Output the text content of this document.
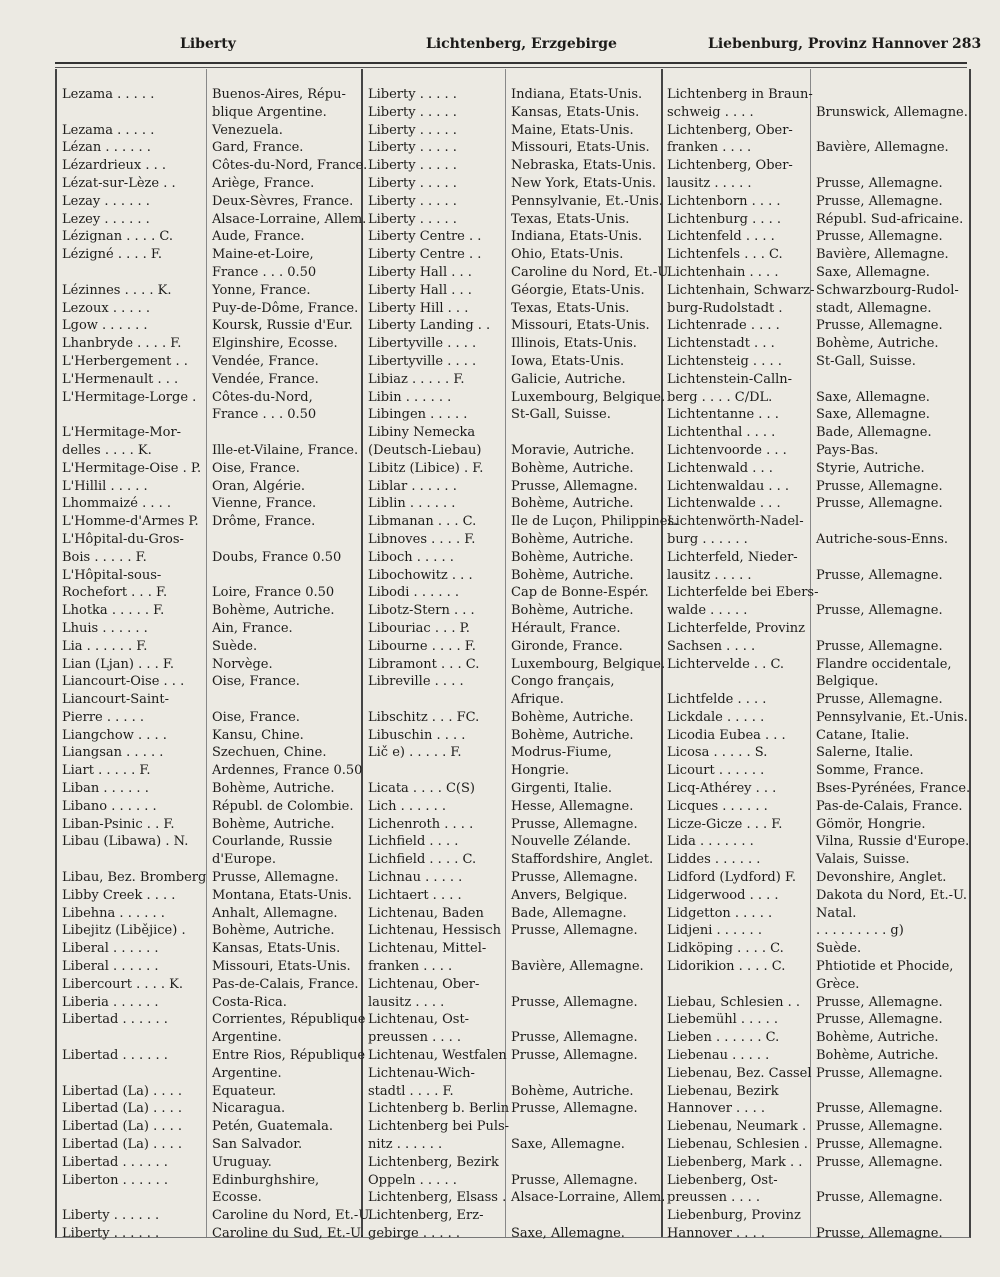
Liberty	Lichtenberg, Erzgebirge	Liebenburg, Provinz Hannover 283
Lezama . . . . .
Lezama . . . . .
Lézan . . . . . .
Lézardrieux . . .
Lézat-sur-Lèze . .
Lezay . . . . . .
Lezey . . . . . .
Lézignan . . . . C.
Lézigné . . . . F.
Lézinnes . . . . K.
Lezoux . . . . .
Lgow . . . . . .
Lhanbryde . . . . F.
L'Herbergement . .
L'Hermenault . . .
L'Hermitage-Lorge .
L'Hermitage-Mor-
delles . . . . K.
L'Hermitage-Oise . P.
L'Hillil . . . . .
Lhommaizé . . . .
L'Homme-d'Armes P.
L'Hôpital-du-Gros-
Bois . . . . . F.
L'Hôpital-sous-
Rochefort . . . F.
Lhotka . . . . . F.
Lhuis . . . . . .
Lia . . . . . . F.
Lian (Ljan) . . . F.
Liancourt-Oise . . .
Liancourt-Saint-
Pierre . . . . .
Liangchow . . . .
Liangsan . . . . .
Liart . . . . . F.
Liban . . . . . .
Libano . . . . . .
Liban-Psinic . . F.
Libau (Libawa) . N.
Libau, Bez. Bromberg
Libby Creek . . . .
Libehna . . . . . .
Libejitz (Libějice) .
Liberal . . . . . .
Liberal . . . . . .
Libercourt . . . . K.
Liberia . . . . . .
Libertad . . . . . .
Libertad . . . . . .
Libertad (La) . . . .
Libertad (La) . . . .
Libertad (La) . . . .
Libertad (La) . . . .
Libertad . . . . . .
Liberton . . . . . .
Liberty . . . . . .
Liberty . . . . . .
Buenos-Aires, Répu-
blique Argentine.
Venezuela.
Gard, France.
Côtes-du-Nord, France.
Ariège, France.
Deux-Sèvres, France.
Alsace-Lorraine, Allem.
Aude, France.
Maine-et-Loire,
France . . . 0.50
Yonne, France.
Puy-de-Dôme, France.
Koursk, Russie d'Eur.
Elginshire, Ecosse.
Vendée, France.
Vendée, France.
Côtes-du-Nord,
France . . . 0.50
Ille-et-Vilaine, France.
Oise, France.
Oran, Algérie.
Vienne, France.
Drôme, France.
Doubs, France 0.50
Loire, France 0.50
Bohème, Autriche.
Ain, France.
Suède.
Norvège.
Oise, France.
Oise, France.
Kansu, Chine.
Szechuen, Chine.
Ardennes, France 0.50
Bohème, Autriche.
Républ. de Colombie.
Bohème, Autriche.
Courlande, Russie
d'Europe.
Prusse, Allemagne.
Montana, Etats-Unis.
Anhalt, Allemagne.
Bohème, Autriche.
Kansas, Etats-Unis.
Missouri, Etats-Unis.
Pas-de-Calais, France.
Costa-Rica.
Corrientes, République
Argentine.
Entre Rios, République
Argentine.
Equateur.
Nicaragua.
Petén, Guatemala.
San Salvador.
Uruguay.
Edinburghshire,
Ecosse.
Caroline du Nord, Et.-U.
Caroline du Sud, Et.-U.
Liberty . . . . .
Liberty . . . . .
Liberty . . . . .
Liberty . . . . .
Liberty . . . . .
Liberty . . . . .
Liberty . . . . .
Liberty . . . . .
Liberty Centre . .
Liberty Centre . .
Liberty Hall . . .
Liberty Hall . . .
Liberty Hill . . .
Liberty Landing . .
Libertyville . . . .
Libertyville . . . .
Libiaz . . . . . F.
Libin . . . . . .
Libingen . . . . .
Libiny Nemecka
(Deutsch-Liebau)
Libitz (Libice) . F.
Liblar . . . . . .
Liblin . . . . . .
Libmanan . . . C.
Libnoves . . . . F.
Liboch . . . . .
Libochowitz . . .
Libodi . . . . . .
Libotz-Stern . . .
Libouriac . . . P.
Libourne . . . . F.
Libramont . . . C.
Libreville . . . .
Libschitz . . . FC.
Libuschin . . . .
Lič e) . . . . . F.
Licata . . . . C(S)
Lich . . . . . .
Lichenroth . . . .
Lichfield . . . .
Lichfield . . . . C.
Lichnau . . . . .
Lichtaert . . . .
Lichtenau, Baden
Lichtenau, Hessisch
Lichtenau, Mittel-
franken . . . .
Lichtenau, Ober-
lausitz . . . .
Lichtenau, Ost-
preussen . . . .
Lichtenau, Westfalen
Lichtenau-Wich-
stadtl . . . . F.
Lichtenberg b. Berlin
Lichtenberg bei Puls-
nitz . . . . . .
Lichtenberg, Bezirk
Oppeln . . . . .
Lichtenberg, Elsass .
Lichtenberg, Erz-
gebirge . . . . .
Indiana, Etats-Unis.
Kansas, Etats-Unis.
Maine, Etats-Unis.
Missouri, Etats-Unis.
Nebraska, Etats-Unis.
New York, Etats-Unis.
Pennsylvanie, Et.-Unis.
Texas, Etats-Unis.
Indiana, Etats-Unis.
Ohio, Etats-Unis.
Caroline du Nord, Et.-U.
Géorgie, Etats-Unis.
Texas, Etats-Unis.
Missouri, Etats-Unis.
Illinois, Etats-Unis.
Iowa, Etats-Unis.
Galicie, Autriche.
Luxembourg, Belgique.
St-Gall, Suisse.
Moravie, Autriche.
Bohème, Autriche.
Prusse, Allemagne.
Bohème, Autriche.
Ile de Luçon, Philippines.
Bohème, Autriche.
Bohème, Autriche.
Bohème, Autriche.
Cap de Bonne-Espér.
Bohème, Autriche.
Hérault, France.
Gironde, France.
Luxembourg, Belgique.
Congo français,
Afrique.
Bohème, Autriche.
Bohème, Autriche.
Modrus-Fiume,
Hongrie.
Girgenti, Italie.
Hesse, Allemagne.
Prusse, Allemagne.
Nouvelle Zélande.
Staffordshire, Anglet.
Prusse, Allemagne.
Anvers, Belgique.
Bade, Allemagne.
Prusse, Allemagne.
Bavière, Allemagne.
Prusse, Allemagne.
Prusse, Allemagne.
Prusse, Allemagne.
Bohème, Autriche.
Prusse, Allemagne.
Saxe, Allemagne.
Prusse, Allemagne.
Alsace-Lorraine, Allem.
Saxe, Allemagne.
Lichtenberg in Braun-
schweig . . . .
Lichtenberg, Ober-
franken . . . .
Lichtenberg, Ober-
lausitz . . . . .
Lichtenborn . . . .
Lichtenburg . . . .
Lichtenfeld . . . .
Lichtenfels . . . C.
Lichtenhain . . . .
Lichtenhain, Schwarz-
burg-Rudolstadt .
Lichtenrade . . . .
Lichtenstadt . . .
Lichtensteig . . . .
Lichtenstein-Calln-
berg . . . . C/DL.
Lichtentanne . . .
Lichtenthal . . . .
Lichtenvoorde . . .
Lichtenwald . . .
Lichtenwaldau . . .
Lichtenwalde . . .
Lichtenwörth-Nadel-
burg . . . . . .
Lichterfeld, Nieder-
lausitz . . . . .
Lichterfelde bei Ebers-
walde . . . . .
Lichterfelde, Provinz
Sachsen . . . .
Lichtervelde . . C.
Lichtfelde . . . .
Lickdale . . . . .
Licodia Eubea . . .
Licosa . . . . . S.
Licourt . . . . . .
Licq-Athérey . . .
Licques . . . . . .
Licze-Giczе . . . F.
Lida . . . . . . .
Liddes . . . . . .
Lidford (Lydford) F.
Lidgerwood . . . .
Lidgetton . . . . .
Lidjeni . . . . . .
Lidköping . . . . C.
Lidorikion . . . . C.
Liebau, Schlesien . .
Liebemühl . . . . .
Lieben . . . . . . C.
Liebenau . . . . .
Liebenau, Bez. Cassel
Liebenau, Bezirk
Hannover . . . .
Liebenau, Neumark .
Liebenau, Schlesien .
Liebenberg, Mark . .
Liebenberg, Ost-
preussen . . . .
Liebenburg, Provinz
Hannover . . . .
Brunswick, Allemagne.
Bavière, Allemagne.
Prusse, Allemagne.
Prusse, Allemagne.
Républ. Sud-africaine.
Prusse, Allemagne.
Bavière, Allemagne.
Saxe, Allemagne.
Schwarzbourg-Rudol-
stadt, Allemagne.
Prusse, Allemagne.
Bohème, Autriche.
St-Gall, Suisse.
Saxe, Allemagne.
Saxe, Allemagne.
Bade, Allemagne.
Pays-Bas.
Styrie, Autriche.
Prusse, Allemagne.
Prusse, Allemagne.
Autriche-sous-Enns.
Prusse, Allemagne.
Prusse, Allemagne.
Prusse, Allemagne.
Flandre occidentale,
Belgique.
Prusse, Allemagne.
Pennsylvanie, Et.-Unis.
Catane, Italie.
Salerne, Italie.
Somme, France.
Bses-Pyrénées, France.
Pas-de-Calais, France.
Gömör, Hongrie.
Vilna, Russie d'Europe.
Valais, Suisse.
Devonshire, Anglet.
Dakota du Nord, Et.-U.
Natal.
. . . . . . . . . g)
Suède.
Phtiotide et Phocide,
Grèce.
Prusse, Allemagne.
Prusse, Allemagne.
Bohème, Autriche.
Bohème, Autriche.
Prusse, Allemagne.
Prusse, Allemagne.
Prusse, Allemagne.
Prusse, Allemagne.
Prusse, Allemagne.
Prusse, Allemagne.
Prusse, Allemagne.
